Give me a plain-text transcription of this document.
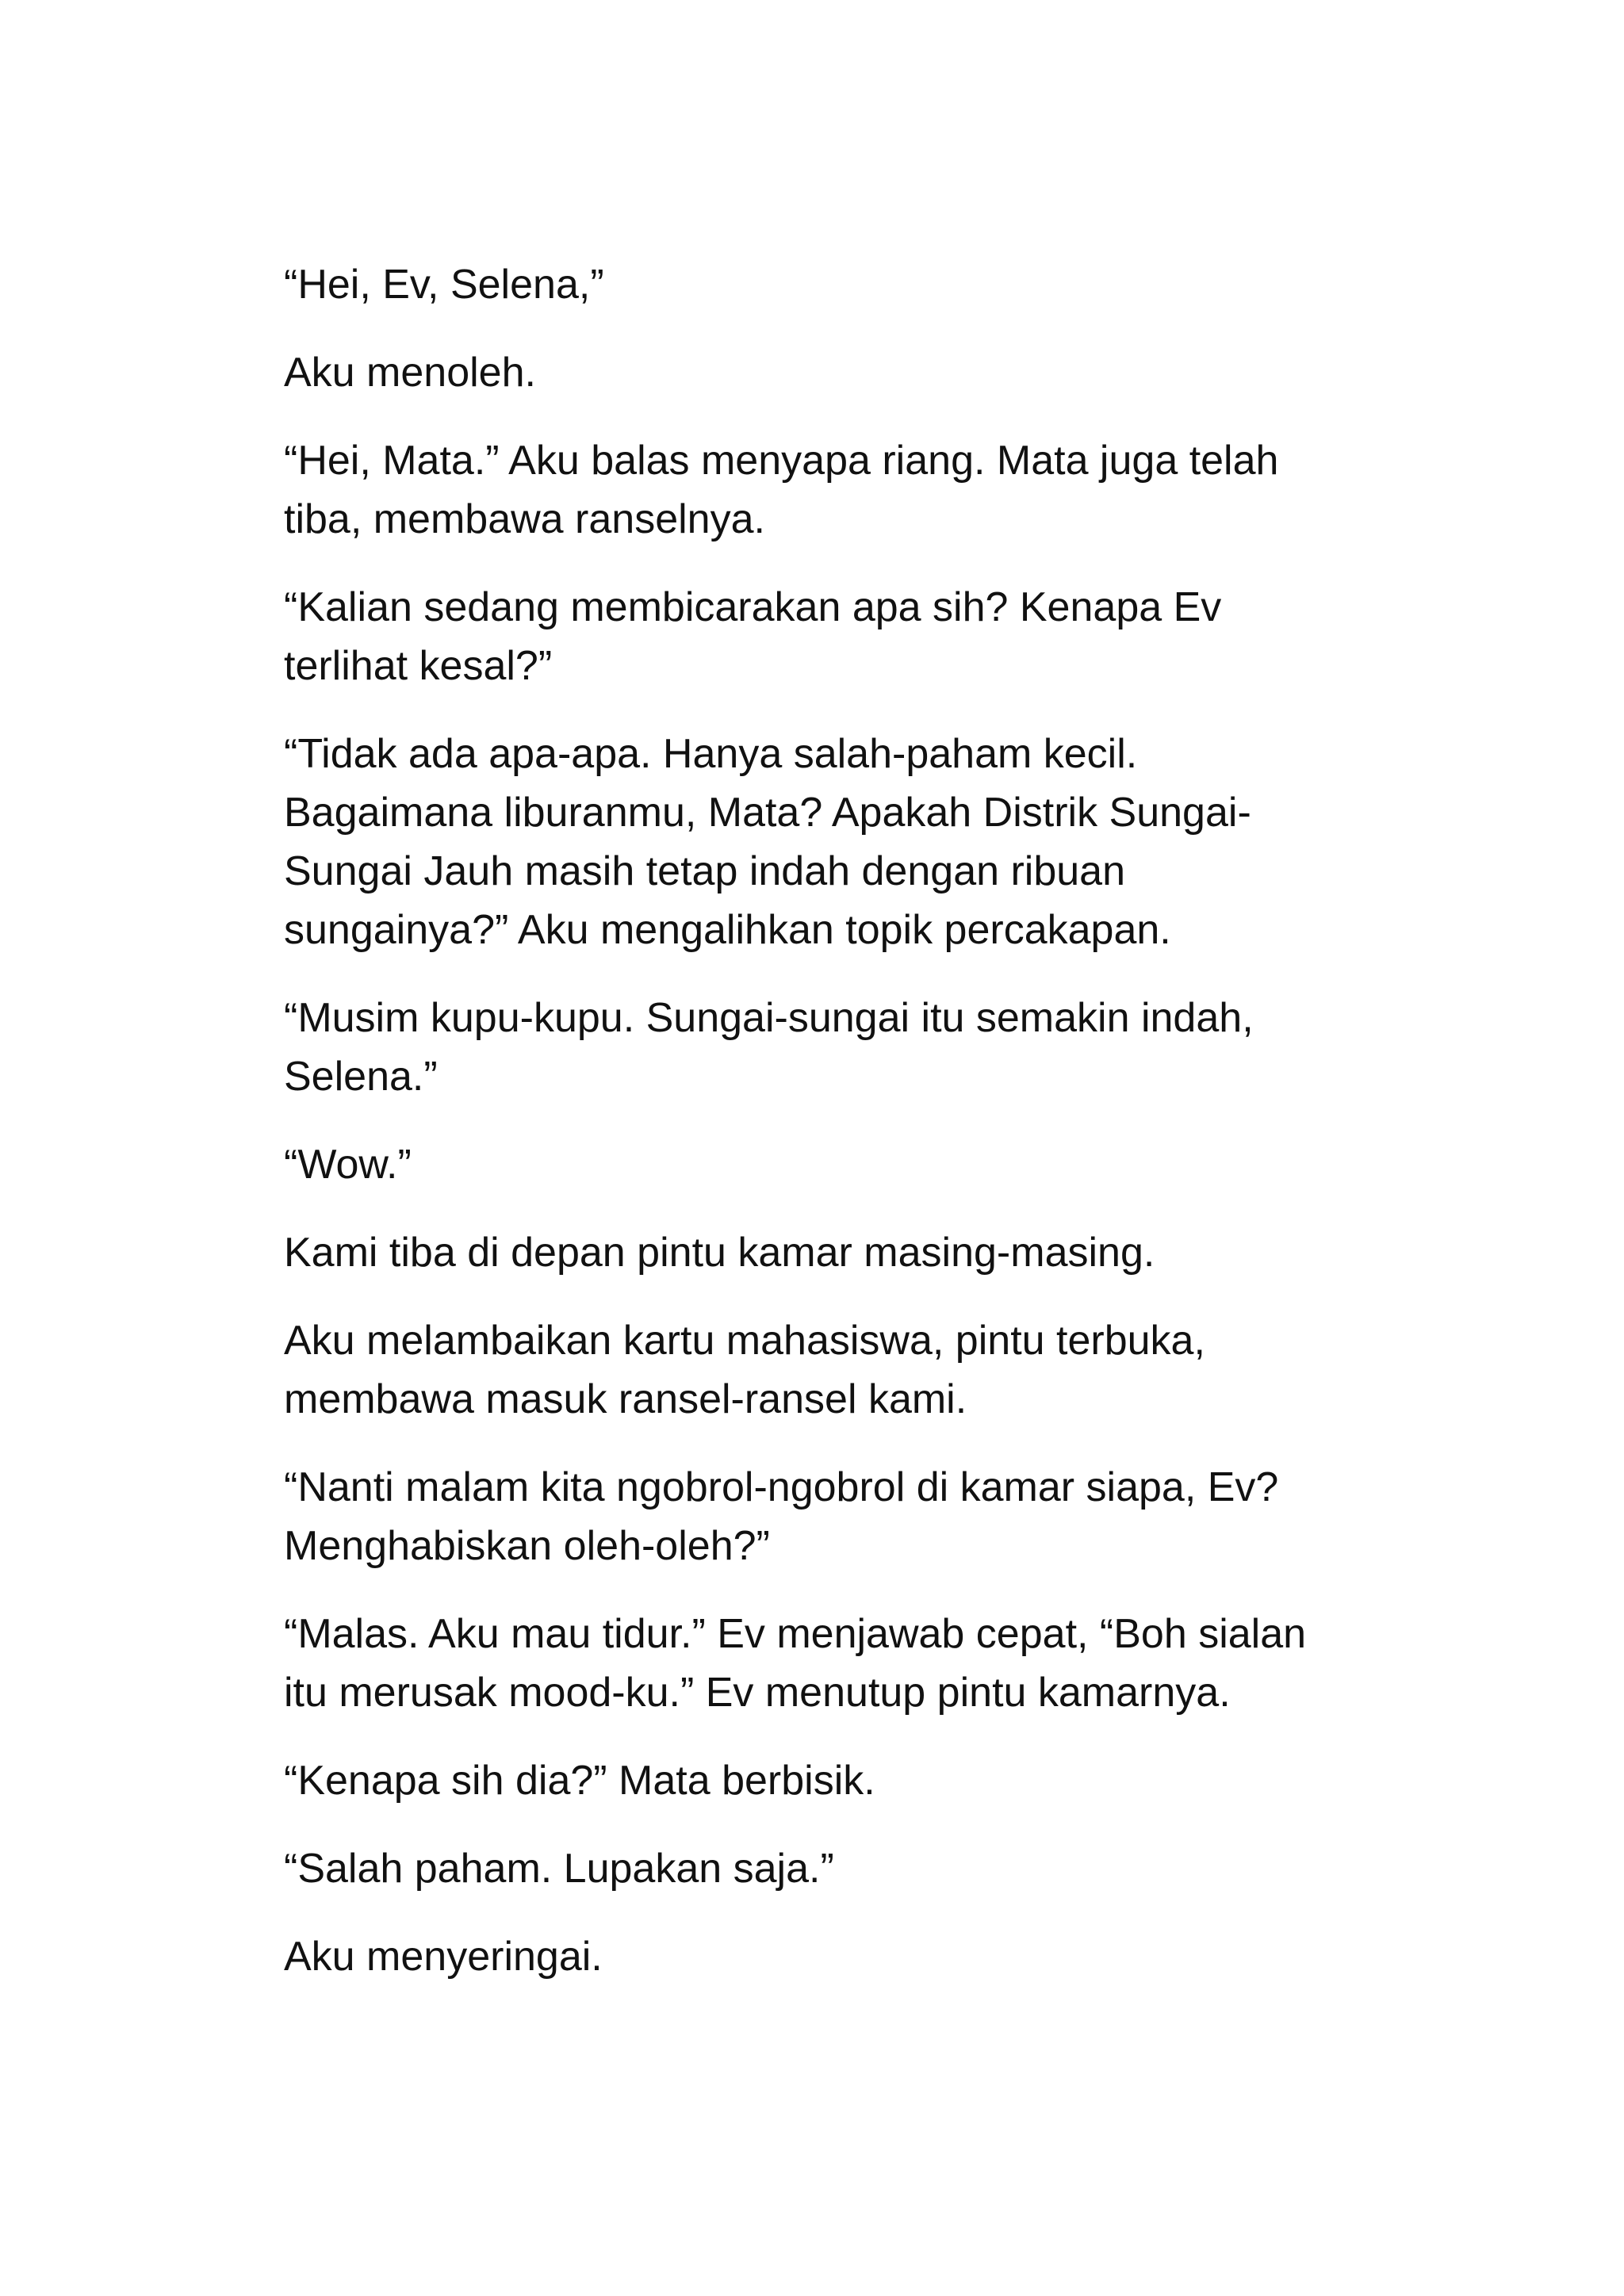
“Hei, Ev, Selena,”

Aku menoleh.

“Hei, Mata.” Aku balas menyapa riang. Mata juga telah
tiba, membawa ranselnya.

“Kalian sedang membicarakan apa sih? Kenapa Ev
terlihat kesal?”

“Tidak ada apa-apa. Hanya salah-paham kecil.
Bagaimana liburanmu, Mata? Apakah Distrik Sungai-
Sungai Jauh masih tetap indah dengan ribuan
sungainya?” Aku mengalihkan topik percakapan.

“Musim kupu-kupu. Sungai-sungai itu semakin indah,
Selena.”

“Wow.”

Kami tiba di depan pintu kamar masing-masing.

Aku melambaikan kartu mahasiswa, pintu terbuka,
membawa masuk ransel-ransel kami.

“Nanti malam kita ngobrol-ngobrol di kamar siapa, Ev?
Menghabiskan oleh-oleh?”

“Malas. Aku mau tidur.” Ev menjawab cepat, “Boh sialan
itu merusak mood-ku.” Ev menutup pintu kamarnya.

“Kenapa sih dia?” Mata berbisik.

“Salah paham. Lupakan saja.”

Aku menyeringai.
